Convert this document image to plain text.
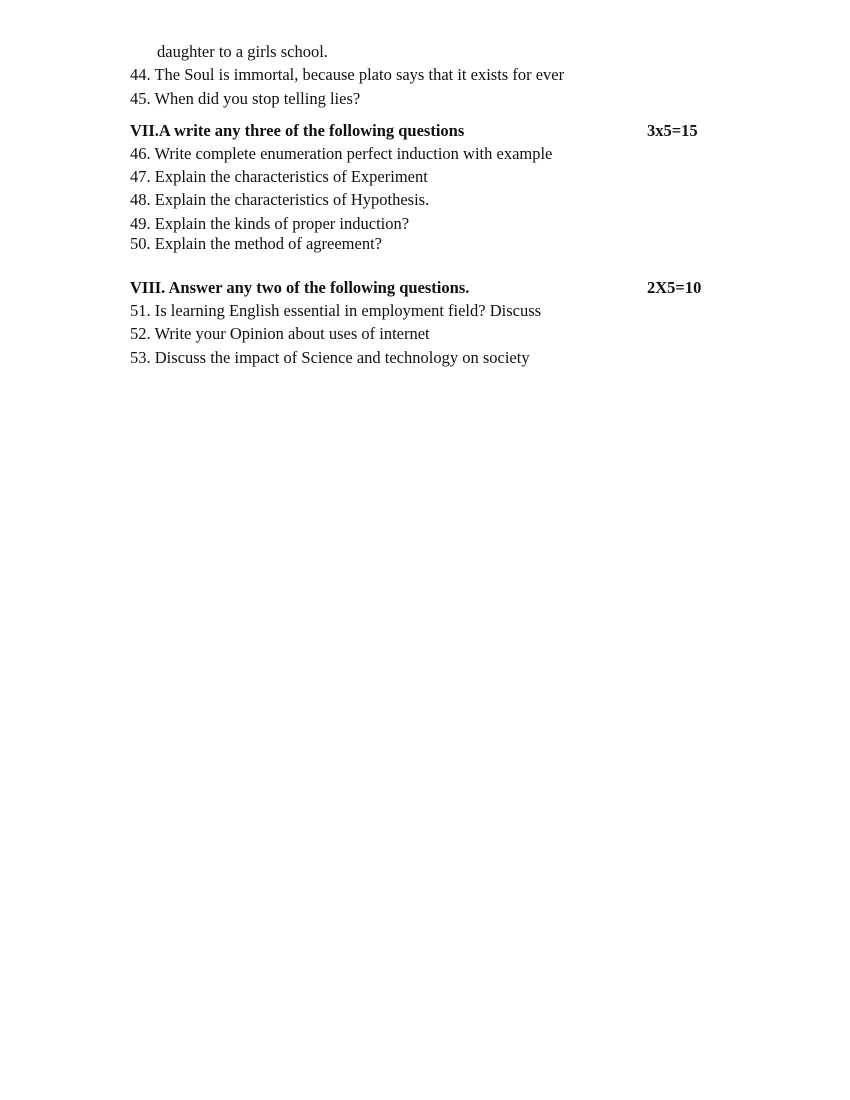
daughter to a girls school.
44. The Soul is immortal, because plato says that it exists for ever
45. When did you stop telling lies?
VII.A write any three of the following questions	3x5=15
46. Write complete enumeration perfect induction with example
47. Explain the characteristics of Experiment
48. Explain the characteristics of Hypothesis.
49. Explain the kinds of proper induction?
50. Explain the method of agreement?
VIII. Answer any two of the following questions.	2X5=10
51. Is learning English essential in employment field? Discuss
52. Write your Opinion about uses of internet
53. Discuss the impact of Science and technology on society
